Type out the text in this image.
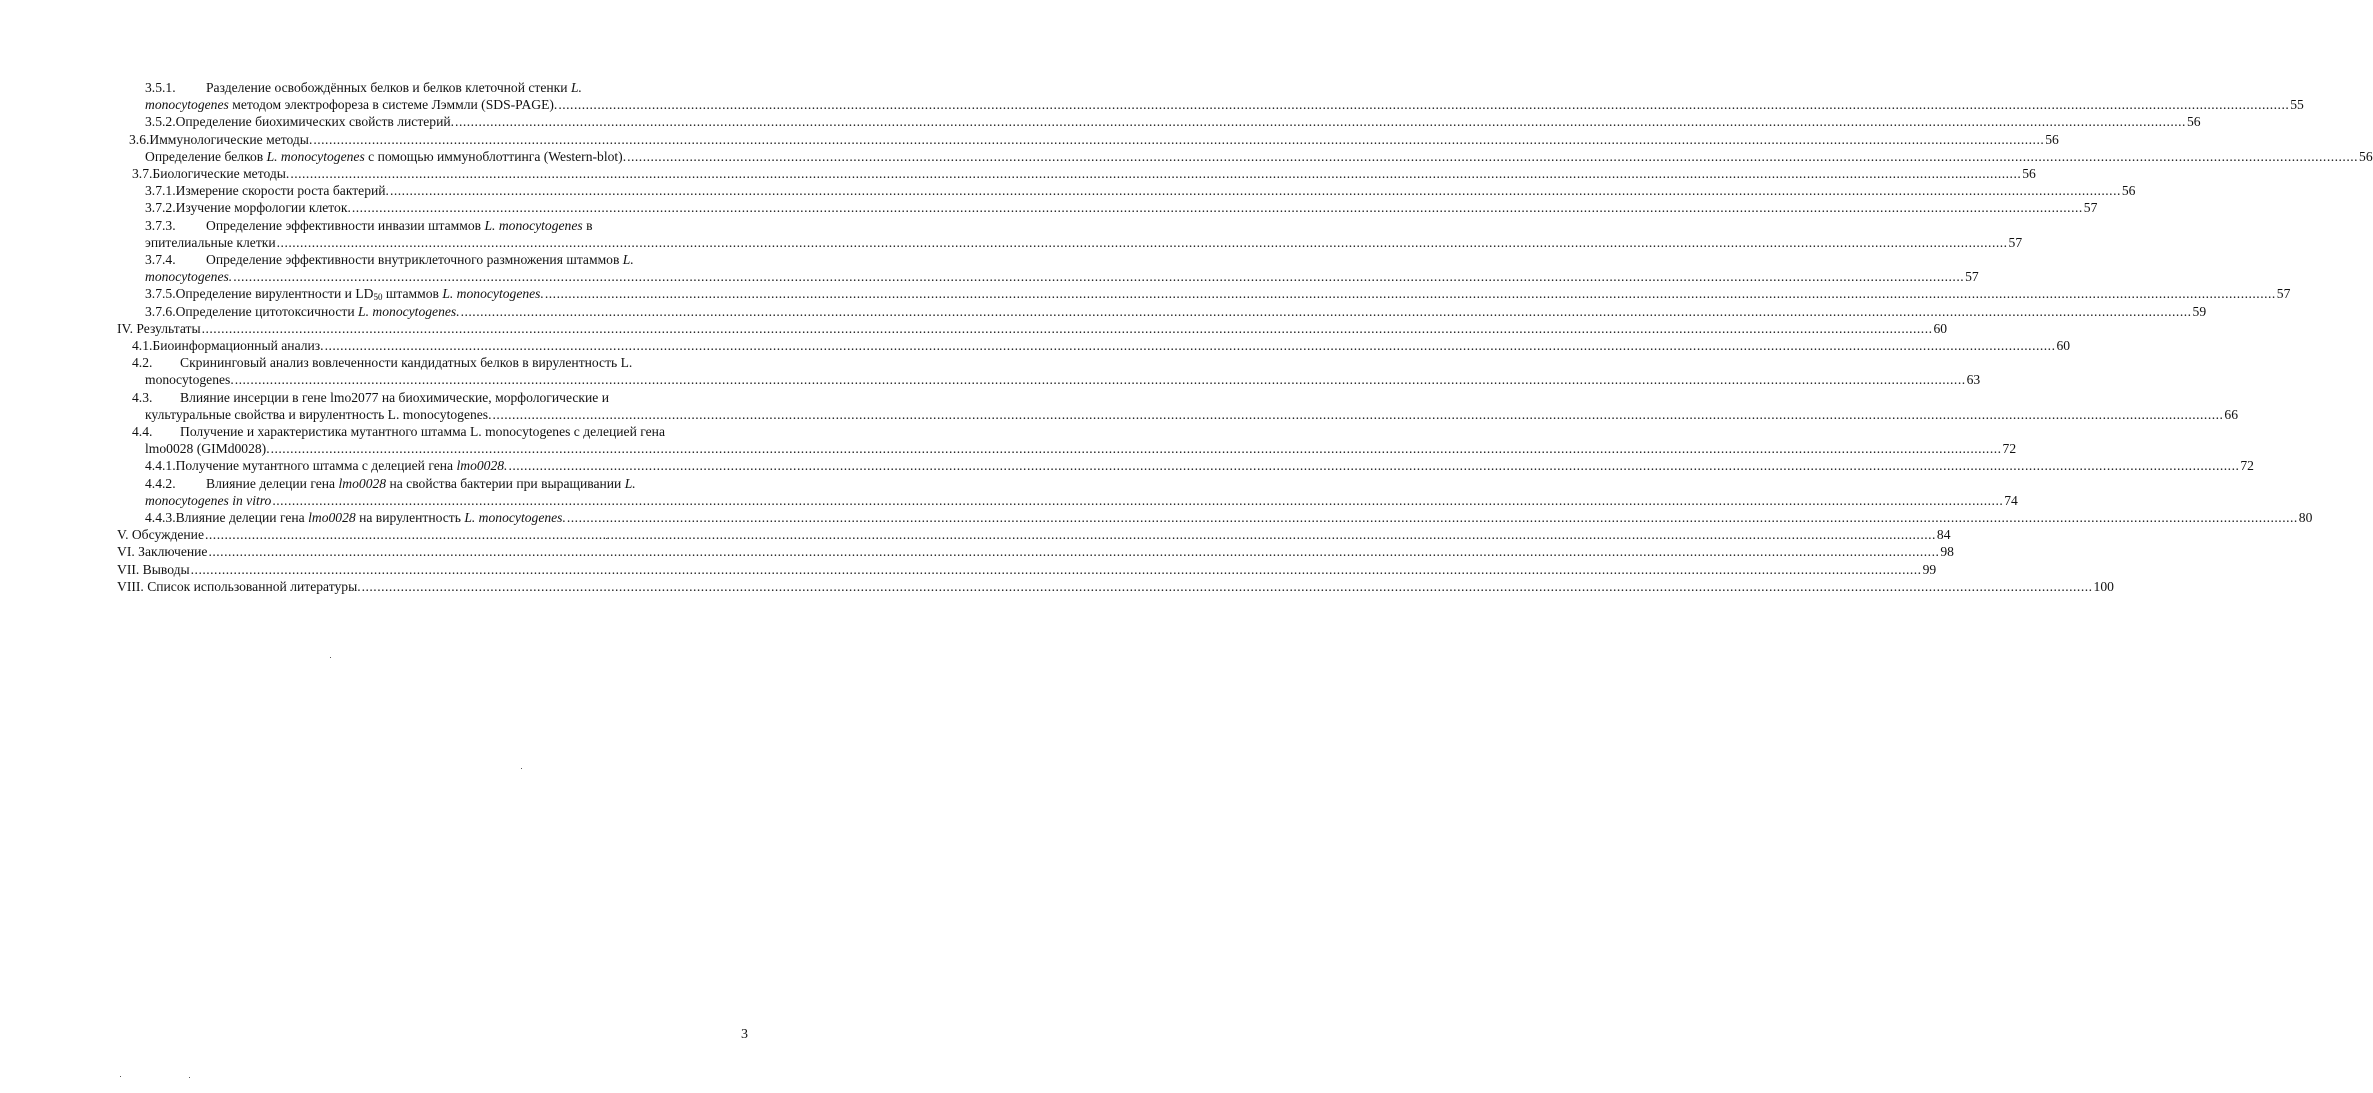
3.5.1.	Разделение освобождённых белков и белков клеточной стенки L.
monocytogenes методом электрофореза в системе Лэммли (SDS-PAGE). .....	55
3.5.2. Определение биохимических свойств листерий. .....	56
3.6. Иммунологические методы. .....	56
Определение белков L. monocytogenes с помощью иммуноблоттинга (Western-blot). .....	56
3.7. Биологические методы. .....	56
3.7.1. Измерение скорости роста бактерий. .....	56
3.7.2. Изучение морфологии клеток. .....	57
3.7.3.	Определение эффективности инвазии штаммов L. monocytogenes в
эпителиальные клетки .....	57
3.7.4.	Определение эффективности внутриклеточного размножения штаммов L.
monocytogenes. .....	57
3.7.5. Определение вирулентности и $LD_{50}$ штаммов L. monocytogenes. .....	57
3.7.6. Определение цитотоксичности L. monocytogenes. .....	59
IV. Результаты .....	60
4.1. Биоинформационный анализ. .....	60
4.2.	Скрининговый анализ вовлеченности кандидатных белков в вирулентность L.
monocytogenes. .....	63
4.3.	Влияние инсерции в гене lmo2077 на биохимические, морфологические и
культуральные свойства и вирулентность L. monocytogenes. .....	66
4.4.	Получение и характеристика мутантного штамма L. monocytogenes с делецией гена
lmo0028 (GIMd0028). .....	72
4.4.1. Получение мутантного штамма с делецией гена lmo0028. .....	72
4.4.2.	Влияние делеции гена lmo0028 на свойства бактерии при выращивании L.
monocytogenes in vitro .....	74
4.4.3. Влияние делеции гена lmo0028 на вирулентность L. monocytogenes. .....	80
V. Обсуждение .....	84
VI. Заключение .....	98
VII. Выводы .....	99
VIII. Список использованной литературы. .....	100
3
